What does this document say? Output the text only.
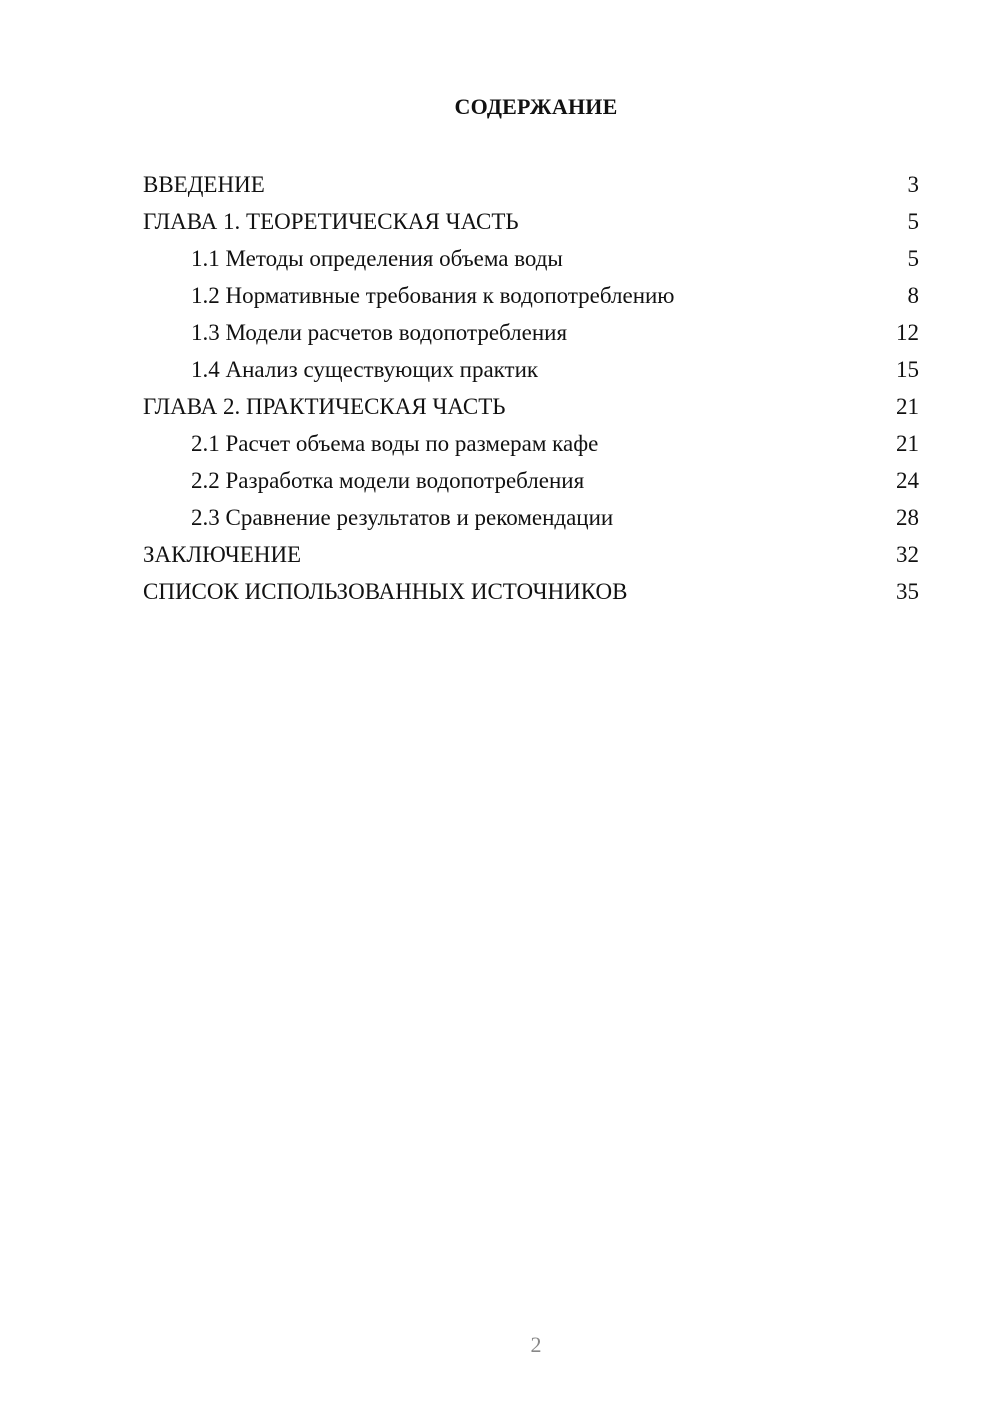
СОДЕРЖАНИЕ
ВВЕДЕНИЕ	3
ГЛАВА 1. ТЕОРЕТИЧЕСКАЯ ЧАСТЬ	5
1.1 Методы определения объема воды	5
1.2 Нормативные требования к водопотреблению	8
1.3 Модели расчетов водопотребления	12
1.4 Анализ существующих практик	15
ГЛАВА 2. ПРАКТИЧЕСКАЯ ЧАСТЬ	21
2.1 Расчет объема воды по размерам кафе	21
2.2 Разработка модели водопотребления	24
2.3 Сравнение результатов и рекомендации	28
ЗАКЛЮЧЕНИЕ	32
СПИСОК ИСПОЛЬЗОВАННЫХ ИСТОЧНИКОВ	35
2
